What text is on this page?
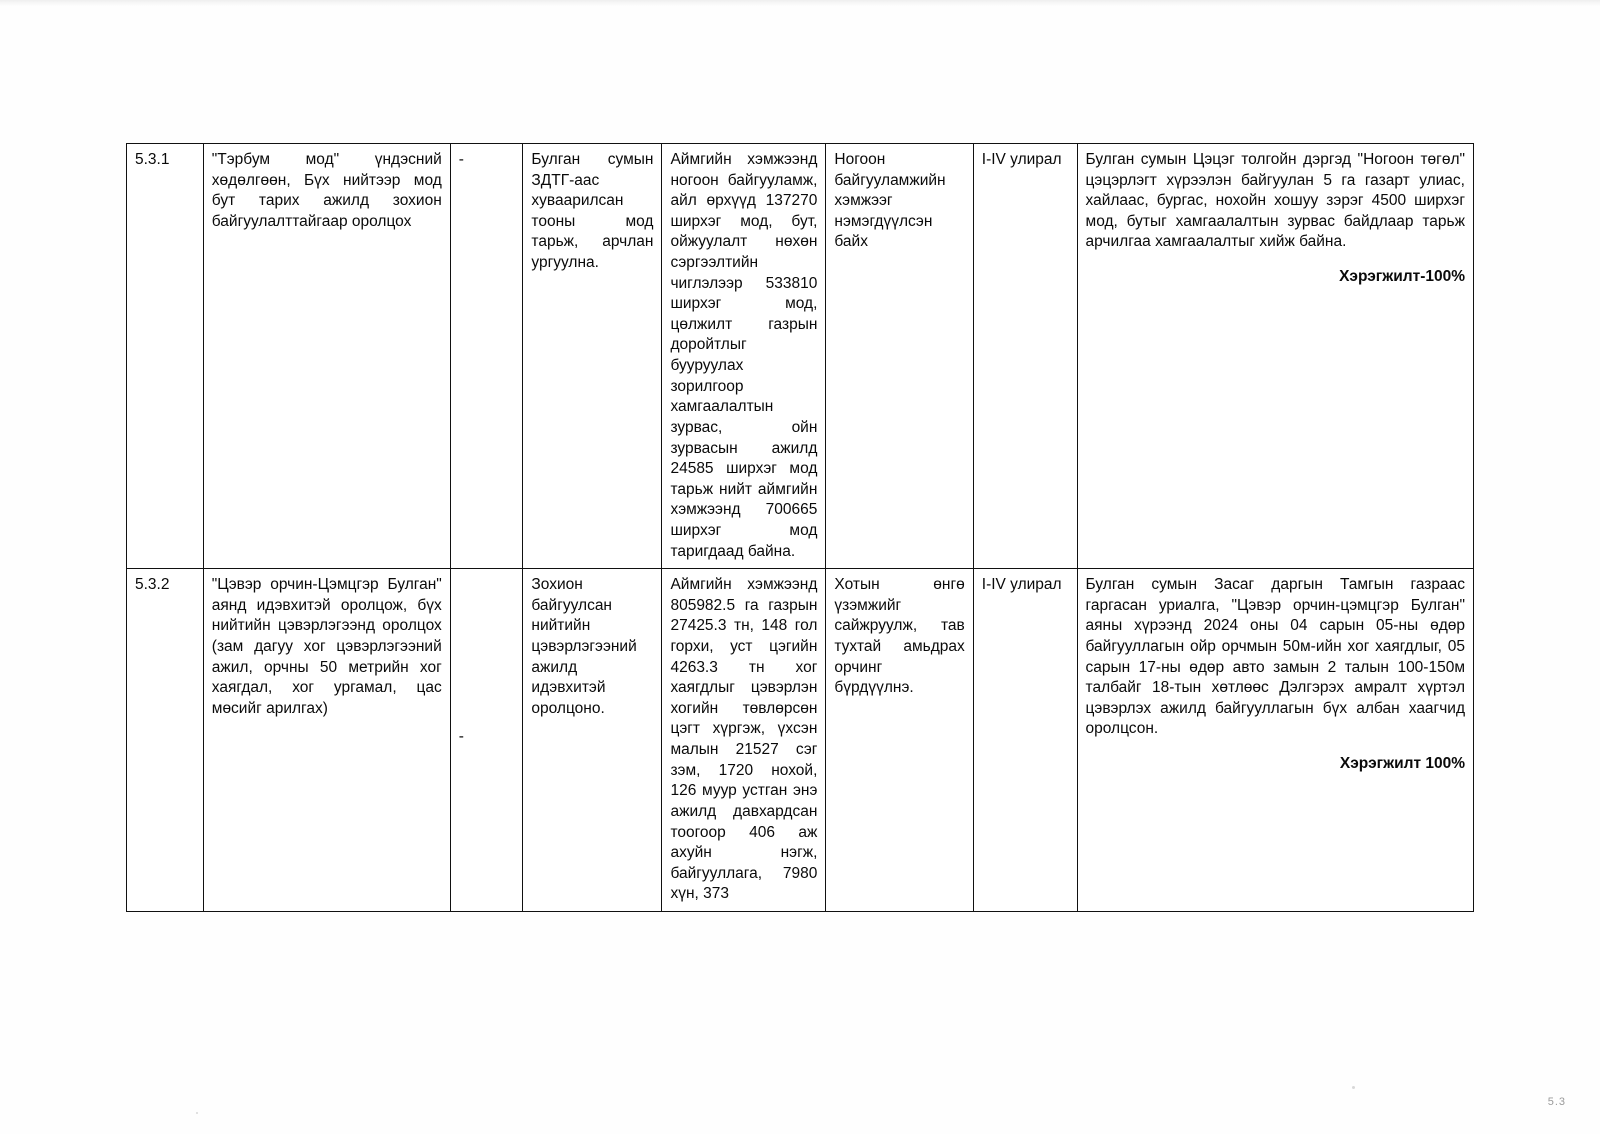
5.3.1	"Тэрбум мод" үндэсний хөдөлгөөн, Бүх нийтээр мод бут тарих ажилд зохион байгуулалттайгаар оролцох	-	Булган сумын ЗДТГ-аас хуваарилсан тооны мод тарьж, арчлан ургуулна.	Аймгийн хэмжээнд ногоон байгууламж, айл өрхүүд 137270 ширхэг мод, бут, ойжуулалт нөхөн сэргээлтийн чиглэлээр 533810 ширхэг мод, цөлжилт газрын доройтлыг бууруулах зорилгоор хамгаалалтын зурвас, ойн зурвасын ажилд 24585 ширхэг мод тарьж нийт аймгийн хэмжээнд 700665 ширхэг мод таригдаад байна.	Ногоон байгууламжийн хэмжээг нэмэгдүүлсэн байх	I-IV улирал	Булган сумын Цэцэг толгойн дэргэд "Ногоон төгөл" цэцэрлэгт хүрээлэн байгуулан 5 га газарт улиас, хайлаас, бургас, нохойн хошуу зэрэг 4500 ширхэг мод, бутыг хамгаалалтын зурвас байдлаар тарьж арчилгаа хамгаалалтыг хийж байна.
Хэрэгжилт-100%

5.3.2	"Цэвэр орчин-Цэмцгэр Булган" аянд идэвхитэй оролцож, бүх нийтийн цэвэрлэгээнд оролцох (зам дагуу хог цэвэрлэгээний ажил, орчны 50 метрийн хог хаягдал, хог ургамал, цас мөсийг арилгах)	-	Зохион байгуулсан нийтийн цэвэрлэгээний ажилд идэвхитэй оролцоно.	Аймгийн хэмжээнд 805982.5 га газрын 27425.3 тн, 148 гол горхи, уст цэгийн 4263.3 тн хог хаягдлыг цэвэрлэн хогийн төвлөрсөн цэгт хүргэж, үхсэн малын 21527 сэг зэм, 1720 нохой, 126 муур устган энэ ажилд давхардсан тоогоор 406 аж ахуйн нэгж, байгууллага, 7980 хүн, 373	Хотын өнгө үзэмжийг сайжруулж, тав тухтай амьдрах орчинг бүрдүүлнэ.	I-IV улирал	Булган сумын Засаг даргын Тамгын газраас гаргасан уриалга, "Цэвэр орчин-цэмцгэр Булган" аяны хүрээнд 2024 оны 04 сарын 05-ны өдөр байгууллагын ойр орчмын 50м-ийн хог хаягдлыг, 05 сарын 17-ны өдөр авто замын 2 талын 100-150м талбайг 18-тын хөтлөөс Дэлгэрэх амралт хүртэл цэвэрлэх ажилд байгууллагын бүх албан хаагчид оролцсон.
Хэрэгжилт 100%
5.3
